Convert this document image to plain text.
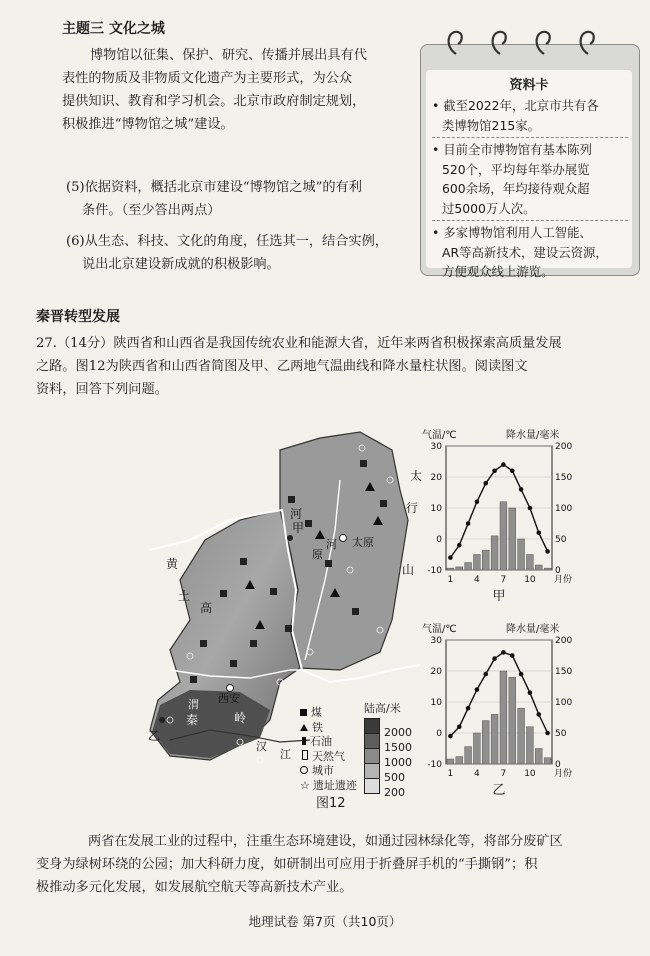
主题三 文化之城
博物馆以征集、保护、研究、传播并展出具有代
表性的物质及非物质文化遗产为主要形式，为公众
提供知识、教育和学习机会。北京市政府制定规划，
积极推进“博物馆之城”建设。
(5)依据资料，概括北京市建设“博物馆之城”的有利
条件。（至少答出两点）
(6)从生态、科技、文化的角度，任选其一，结合实例，
说出北京建设新成就的积极影响。
资料卡
• 截至2022年，北京市共有各
类博物馆215家。
• 目前全市博物馆有基本陈列
520个，平均每年举办展览
600余场，年均接待观众超
过5000万人次。
• 多家博物馆利用人工智能、
AR等高新技术，建设云资源，
方便观众线上游览。
秦晋转型发展
27.（14分）陕西省和山西省是我国传统农业和能源大省，近年来两省积极探索高质量发展
之路。图12为陕西省和山西省简图及甲、乙两地气温曲线和降水量柱状图。阅读图文
资料，回答下列问题。
太原
西安
甲
乙
黄
土
高
河
原
太
行
山
河
渭
秦	岭
江
汉
煤
铁
石油
天然气
城市
☆ 遗址遗迹
陆高/米
2000
1500
1000
500
200
图12
气温/℃	降水量/毫米
-10	0
0	50
10	100
20	150
30	200
1 4 7 10 月份
甲
气温/℃	降水量/毫米
-10	0
0	50
10	100
20	150
30	200
1 4 7 10 月份
乙
两省在发展工业的过程中，注重生态环境建设，如通过园林绿化等，将部分废矿区
变身为绿树环绕的公园；加大科研力度，如研制出可应用于折叠屏手机的“手撕钢”；积
极推动多元化发展，如发展航空航天等高新技术产业。
地理试卷 第7页（共10页）
